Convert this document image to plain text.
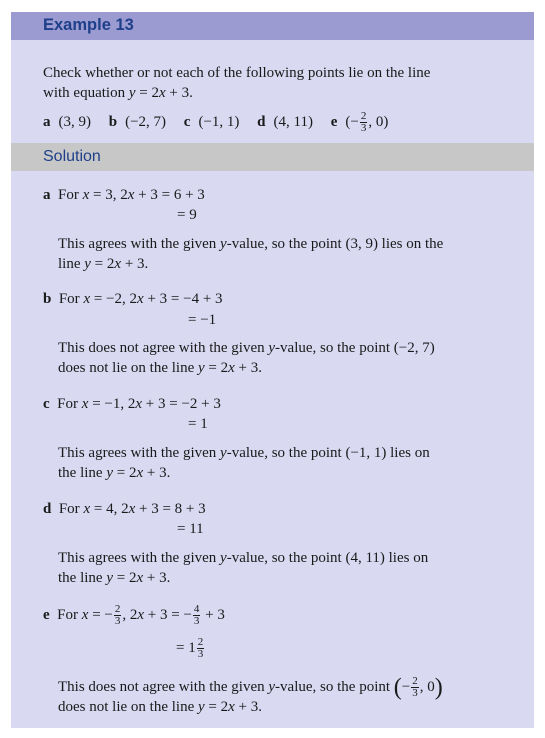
Example 13
Check whether or not each of the following points lie on the line
with equation y = 2x + 3.
a (3, 9) b (−2, 7) c (−1, 1) d (4, 11) e (− $\frac{2}{3}$ , 0)
Solution
a For x = 3, 2x + 3 = 6 + 3
= 9
This agrees with the given y-value, so the point (3, 9) lies on the
line y = 2x + 3.
b For x = −2, 2x + 3 = −4 + 3
= −1
This does not agree with the given y-value, so the point (−2, 7)
does not lie on the line y = 2x + 3.
c For x = −1, 2x + 3 = −2 + 3
= 1
This agrees with the given y-value, so the point (−1, 1) lies on
the line y = 2x + 3.
d For x = 4, 2x + 3 = 8 + 3
= 11
This agrees with the given y-value, so the point (4, 11) lies on
the line y = 2x + 3.
e For x = − $\frac{2}{3}$ , 2x + 3 = − $\frac{4}{3} + 3$
= $1 \frac{2}{3}$
This does not agree with the given y-value, so the point (− $\frac{2}{3}$ , 0)
does not lie on the line y = 2x + 3.
